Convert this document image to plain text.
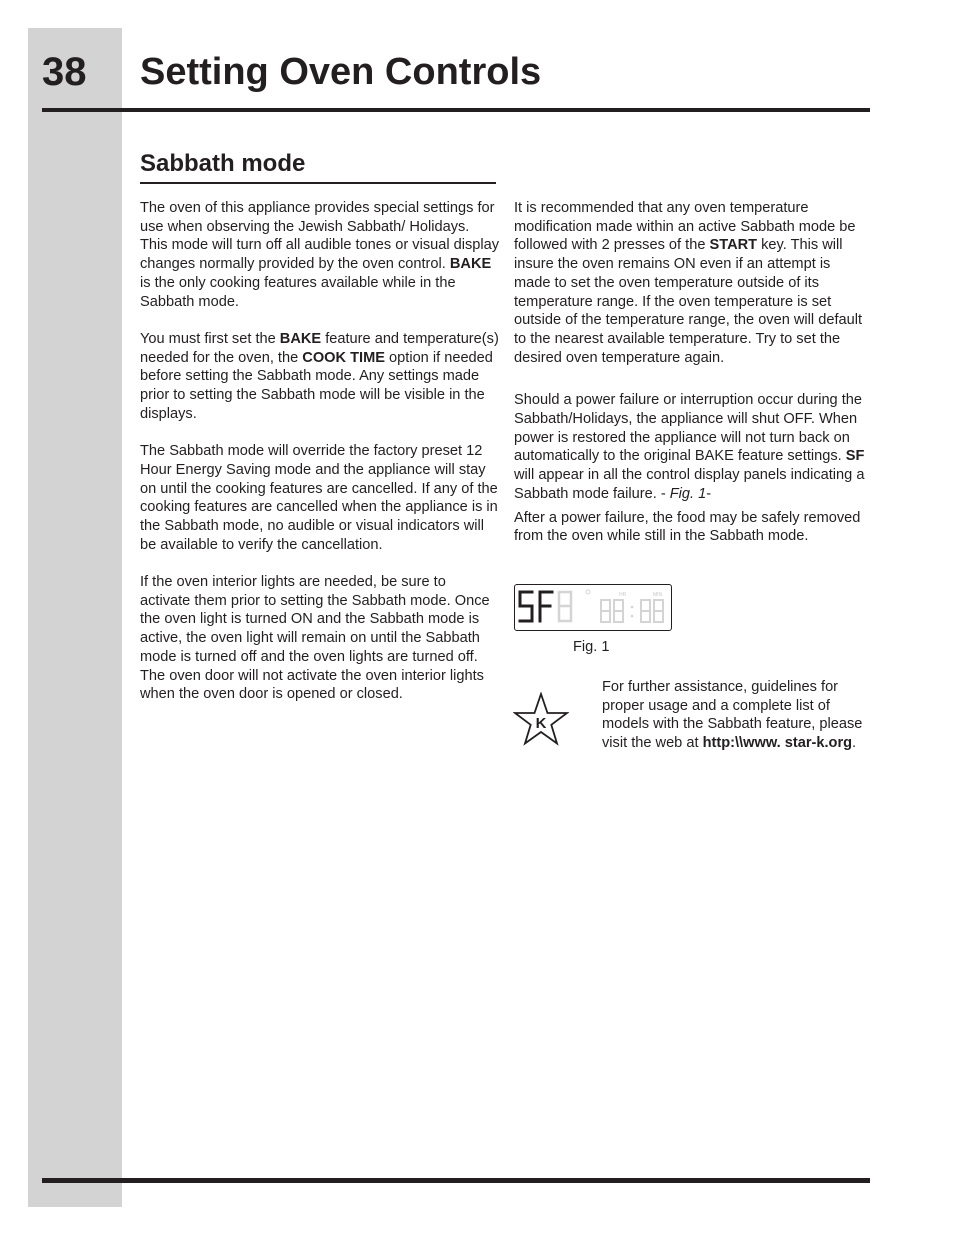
38 Setting Oven Controls
Sabbath mode

The oven of this appliance provides special settings for use when observing the Jewish Sabbath/ Holidays. This mode will turn off all audible tones or visual display changes normally provided by the oven control. BAKE is the only cooking features available while in the Sabbath mode.

You must first set the BAKE feature and temperature(s) needed for the oven, the COOK TIME option if needed before setting the Sabbath mode. Any settings made prior to setting the Sabbath mode will be visible in the displays.

The Sabbath mode will override the factory preset 12 Hour Energy Saving mode and the appliance will stay on until the cooking features are cancelled. If any of the cooking features are cancelled when the appliance is in the Sabbath mode, no audible or visual indicators will be available to verify the cancellation.

If the oven interior lights are needed, be sure to activate them prior to setting the Sabbath mode. Once the oven light is turned ON and the Sabbath mode is active, the oven light will remain on until the Sabbath mode is turned off and the oven lights are turned off. The oven door will not activate the oven interior lights when the oven door is opened or closed.

It is recommended that any oven temperature modification made within an active Sabbath mode be followed with 2 presses of the START key. This will insure the oven remains ON even if an attempt is made to set the oven temperature outside of its temperature range. If the oven temperature is set outside of the temperature range, the oven will default to the nearest available temperature. Try to set the desired oven temperature again.

Should a power failure or interruption occur during the Sabbath/Holidays, the appliance will shut OFF. When power is restored the appliance will not turn back on automatically to the original BAKE feature settings. SF will appear in all the control display panels indicating a Sabbath mode failure. - Fig. 1-

After a power failure, the food may be safely removed from the oven while still in the Sabbath mode.

HR	MIN
Fig. 1
K

For further assistance, guidelines for proper usage and a complete list of models with the Sabbath feature, please visit the web at http:\\www. star-k.org.
